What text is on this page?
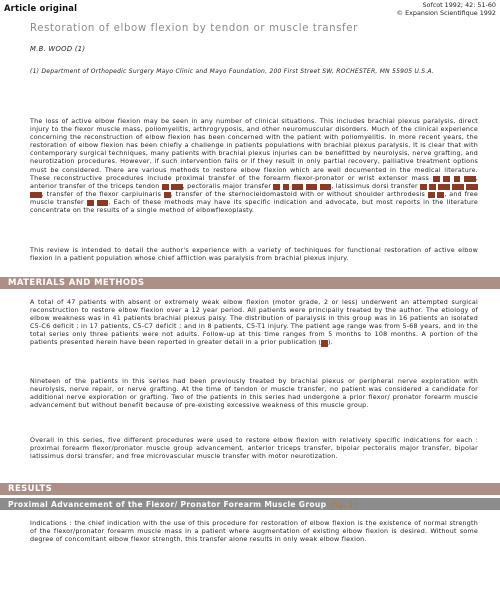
Article original	Sofcot 1992; 42: 51-60
© Expansion Scientifique 1992
Restoration of elbow flexion by tendon or muscle transfer
M.B. WOOD (1)
(1) Department of Orthopedic Surgery Mayo Clinic and Mayo Foundation, 200 First Street SW, ROCHESTER, MN 55905 U.S.A.

The loss of active elbow flexion may be seen in any number of clinical situations. This includes brachial plexus paralysis, direct injury to the flexor muscle mass, poliomyelitis, arthrogryposis, and other neuromuscular disorders. Much of the clinical experience concerning the reconstruction of elbow flexion has been concerned with the patient with poliomyelitis. In more recent years, the restoration of elbow flexion has been chiefly a challenge in patients populations with brachial plexus paralysis. It is clear that with contemporary surgical techniques, many patients with brachial plexus injuries can be benefitted by neurolysis, nerve grafting, and neurotization procedures. However, if such intervention fails or if they result in only partial recovery, palliative treatment options must be considered. There are various methods to restore elbow flexion which are well documented in the medical literature. These reconstructive procedures include proximal transfer of the forearm flexor-pronator or wrist extensor mass # # # ##, anterior transfer of the triceps tendon # ##, pectoralis major transfer # # ## ## ##, latissimus dorsi transfer # # ## ## ## ##, transfer of the flexor carpiulnaris #, transfer of the sternocleidomastoid with or without shoulder arthrodesis # #, and free muscle transfer # ##. Each of these methods may have its specific indication and advocate, but most reports in the literature concentrate on the results of a single method of elbowflexoplasty.

This review is intended to detail the author's experience with a variety of techniques for functional restoration of active elbow flexion in a patient population whose chief affliction was paralysis from brachial plexus injury.

MATERIALS AND METHODS

A total of 47 patients with absent or extremely weak elbow flexion (motor grade, 2 or less) underwent an attempted surgical reconstruction to restore elbow flexion over a 12 year period. All patients were principally treated by the author. The etiology of elbow weakness was in 41 patients brachial plexus palsy. The distribution of paralysis in this group was in 16 patients an isolated C5-C6 deficit ; in 17 patients, C5-C7 deficit ; and in 8 patients, C5-T1 injury. The patient age range was from 5-68 years, and in the total series only three patients were not adults. Follow-up at this time ranges from 5 months to 108 months. A portion of the patients presented herein have been reported in greater detail in a prior publication (#).

Nineteen of the patients in this series had been previously treated by brachial plexus or peripheral nerve exploration with neurolysis, nerve repair, or nerve grafting. At the time of tendon or muscle transfer, no patient was considered a candidate for additional nerve exploration or grafting. Two of the patients in this series had undergone a prior flexor/ pronator forearm muscle advancement but without benefit because of pre-existing excessive weakness of this muscle group.

Overall in this series, five different procedures were used to restore elbow flexion with relatively specific indications for each : proximal forearm flexor/pronator muscle group advancement, anterior triceps transfer, bipolar pectoralis major transfer, bipolar latissimus dorsi transfer, and free microvascular muscle transfer with motor neurotization.

RESULTS
Proximal Advancement of the Flexor/ Pronator Forearm Muscle Group (fig. 1)

Indications : the chief indication with the use of this procedure for restoration of elbow flexion is the existence of normal strength of the flexor/pronator forearm muscle mass in a patient where augmentation of existing elbow flexion is desired. Without some degree of concomitant elbow flexor strength, this transfer alone results in only weak elbow flexion.
